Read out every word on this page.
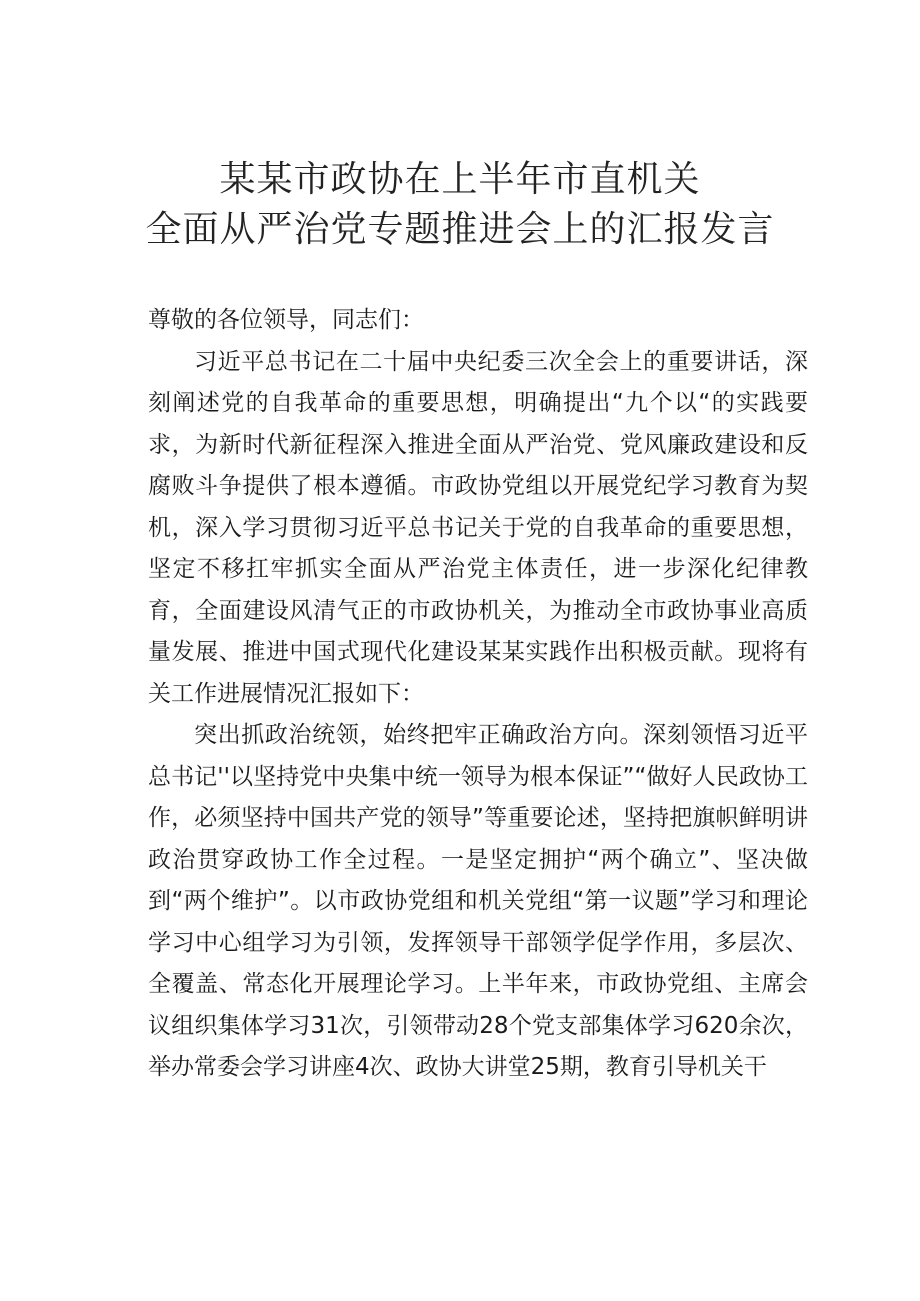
某某市政协在上半年市直机关
全面从严治党专题推进会上的汇报发言

尊敬的各位领导，同志们：

习近平总书记在二十届中央纪委三次全会上的重要讲话，深刻阐述党的自我革命的重要思想，明确提出“九个以“的实践要求，为新时代新征程深入推进全面从严治党、党风廉政建设和反腐败斗争提供了根本遵循。市政协党组以开展党纪学习教育为契机，深入学习贯彻习近平总书记关于党的自我革命的重要思想，坚定不移扛牢抓实全面从严治党主体责任，进一步深化纪律教育，全面建设风清气正的市政协机关，为推动全市政协事业高质量发展、推进中国式现代化建设某某实践作出积极贡献。现将有关工作进展情况汇报如下：

突出抓政治统领，始终把牢正确政治方向。深刻领悟习近平总书记''以坚持党中央集中统一领导为根本保证”“做好人民政协工作，必须坚持中国共产党的领导”等重要论述，坚持把旗帜鲜明讲政治贯穿政协工作全过程。一是坚定拥护“两个确立”、坚决做到“两个维护”。以市政协党组和机关党组“第一议题”学习和理论学习中心组学习为引领，发挥领导干部领学促学作用，多层次、全覆盖、常态化开展理论学习。上半年来，市政协党组、主席会议组织集体学习31次，引领带动28个党支部集体学习620余次，举办常委会学习讲座4次、政协大讲堂25期，教育引导机关干
